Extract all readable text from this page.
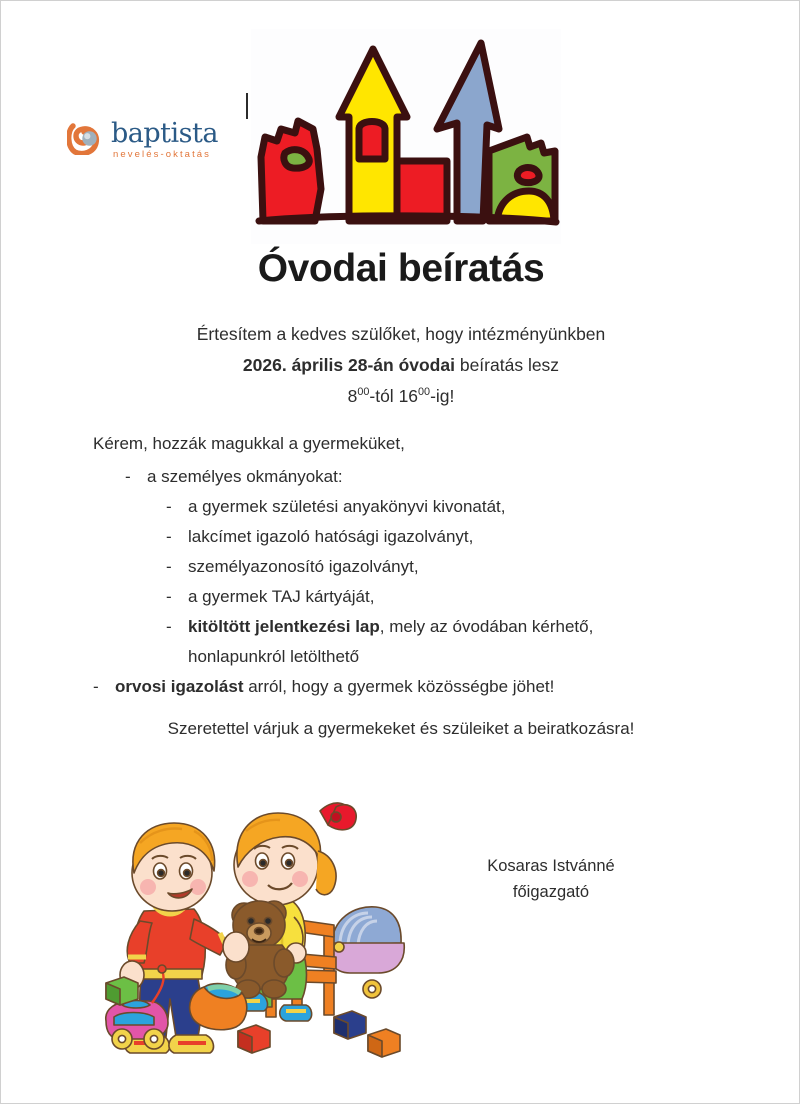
baptista
nevelés-oktatás
Óvodai beíratás
Értesítem a kedves szülőket, hogy intézményünkben
2026. április 28-án óvodai beíratás lesz
$8^{00}$-tól $16^{00}-ig$!
Kérem, hozzák magukkal a gyermeküket,
- a személyes okmányokat:
- a gyermek születési anyakönyvi kivonatát,
- lakcímet igazoló hatósági igazolványt,
- személyazonosító igazolványt,
- a gyermek TAJ kártyáját,
- kitöltött jelentkezési lap, mely az óvodában kérhető,
honlapunkról letölthető
- orvosi igazolást arról, hogy a gyermek közösségbe jöhet!
Szeretettel várjuk a gyermekeket és szüleiket a beiratkozásra!
Kosaras Istvánné
főigazgató
